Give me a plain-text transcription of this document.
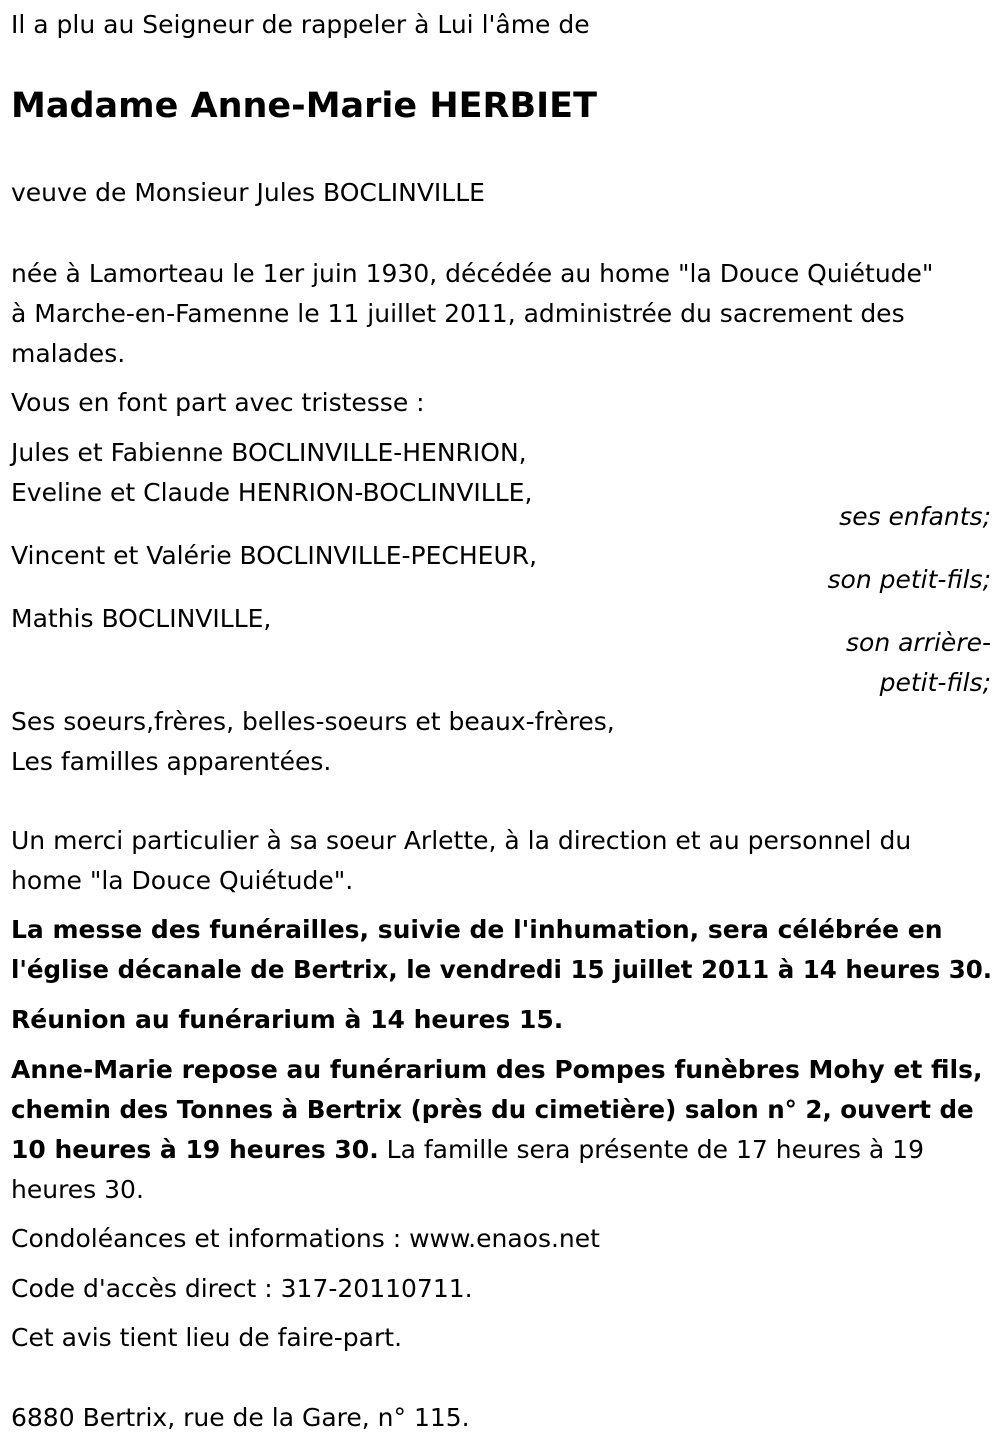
Il a plu au Seigneur de rappeler à Lui l'âme de
Madame Anne-Marie HERBIET
veuve de Monsieur Jules BOCLINVILLE
née à Lamorteau le 1er juin 1930, décédée au home "la Douce Quiétude"
à Marche-en-Famenne le 11 juillet 2011, administrée du sacrement des
malades.
Vous en font part avec tristesse :
Jules et Fabienne BOCLINVILLE-HENRION,
Eveline et Claude HENRION-BOCLINVILLE,
ses enfants;
Vincent et Valérie BOCLINVILLE-PECHEUR,
son petit-fils;
Mathis BOCLINVILLE,
son arrière-
petit-fils;
Ses soeurs,frères, belles-soeurs et beaux-frères,
Les familles apparentées.
Un merci particulier à sa soeur Arlette, à la direction et au personnel du
home "la Douce Quiétude".
La messe des funérailles, suivie de l'inhumation, sera célébrée en
l'église décanale de Bertrix, le vendredi 15 juillet 2011 à 14 heures 30.
Réunion au funérarium à 14 heures 15.
Anne-Marie repose au funérarium des Pompes funèbres Mohy et fils,
chemin des Tonnes à Bertrix (près du cimetière) salon n° 2, ouvert de
10 heures à 19 heures 30. La famille sera présente de 17 heures à 19
heures 30.
Condoléances et informations : www.enaos.net
Code d'accès direct : 317-20110711.
Cet avis tient lieu de faire-part.
6880 Bertrix, rue de la Gare, n° 115.
